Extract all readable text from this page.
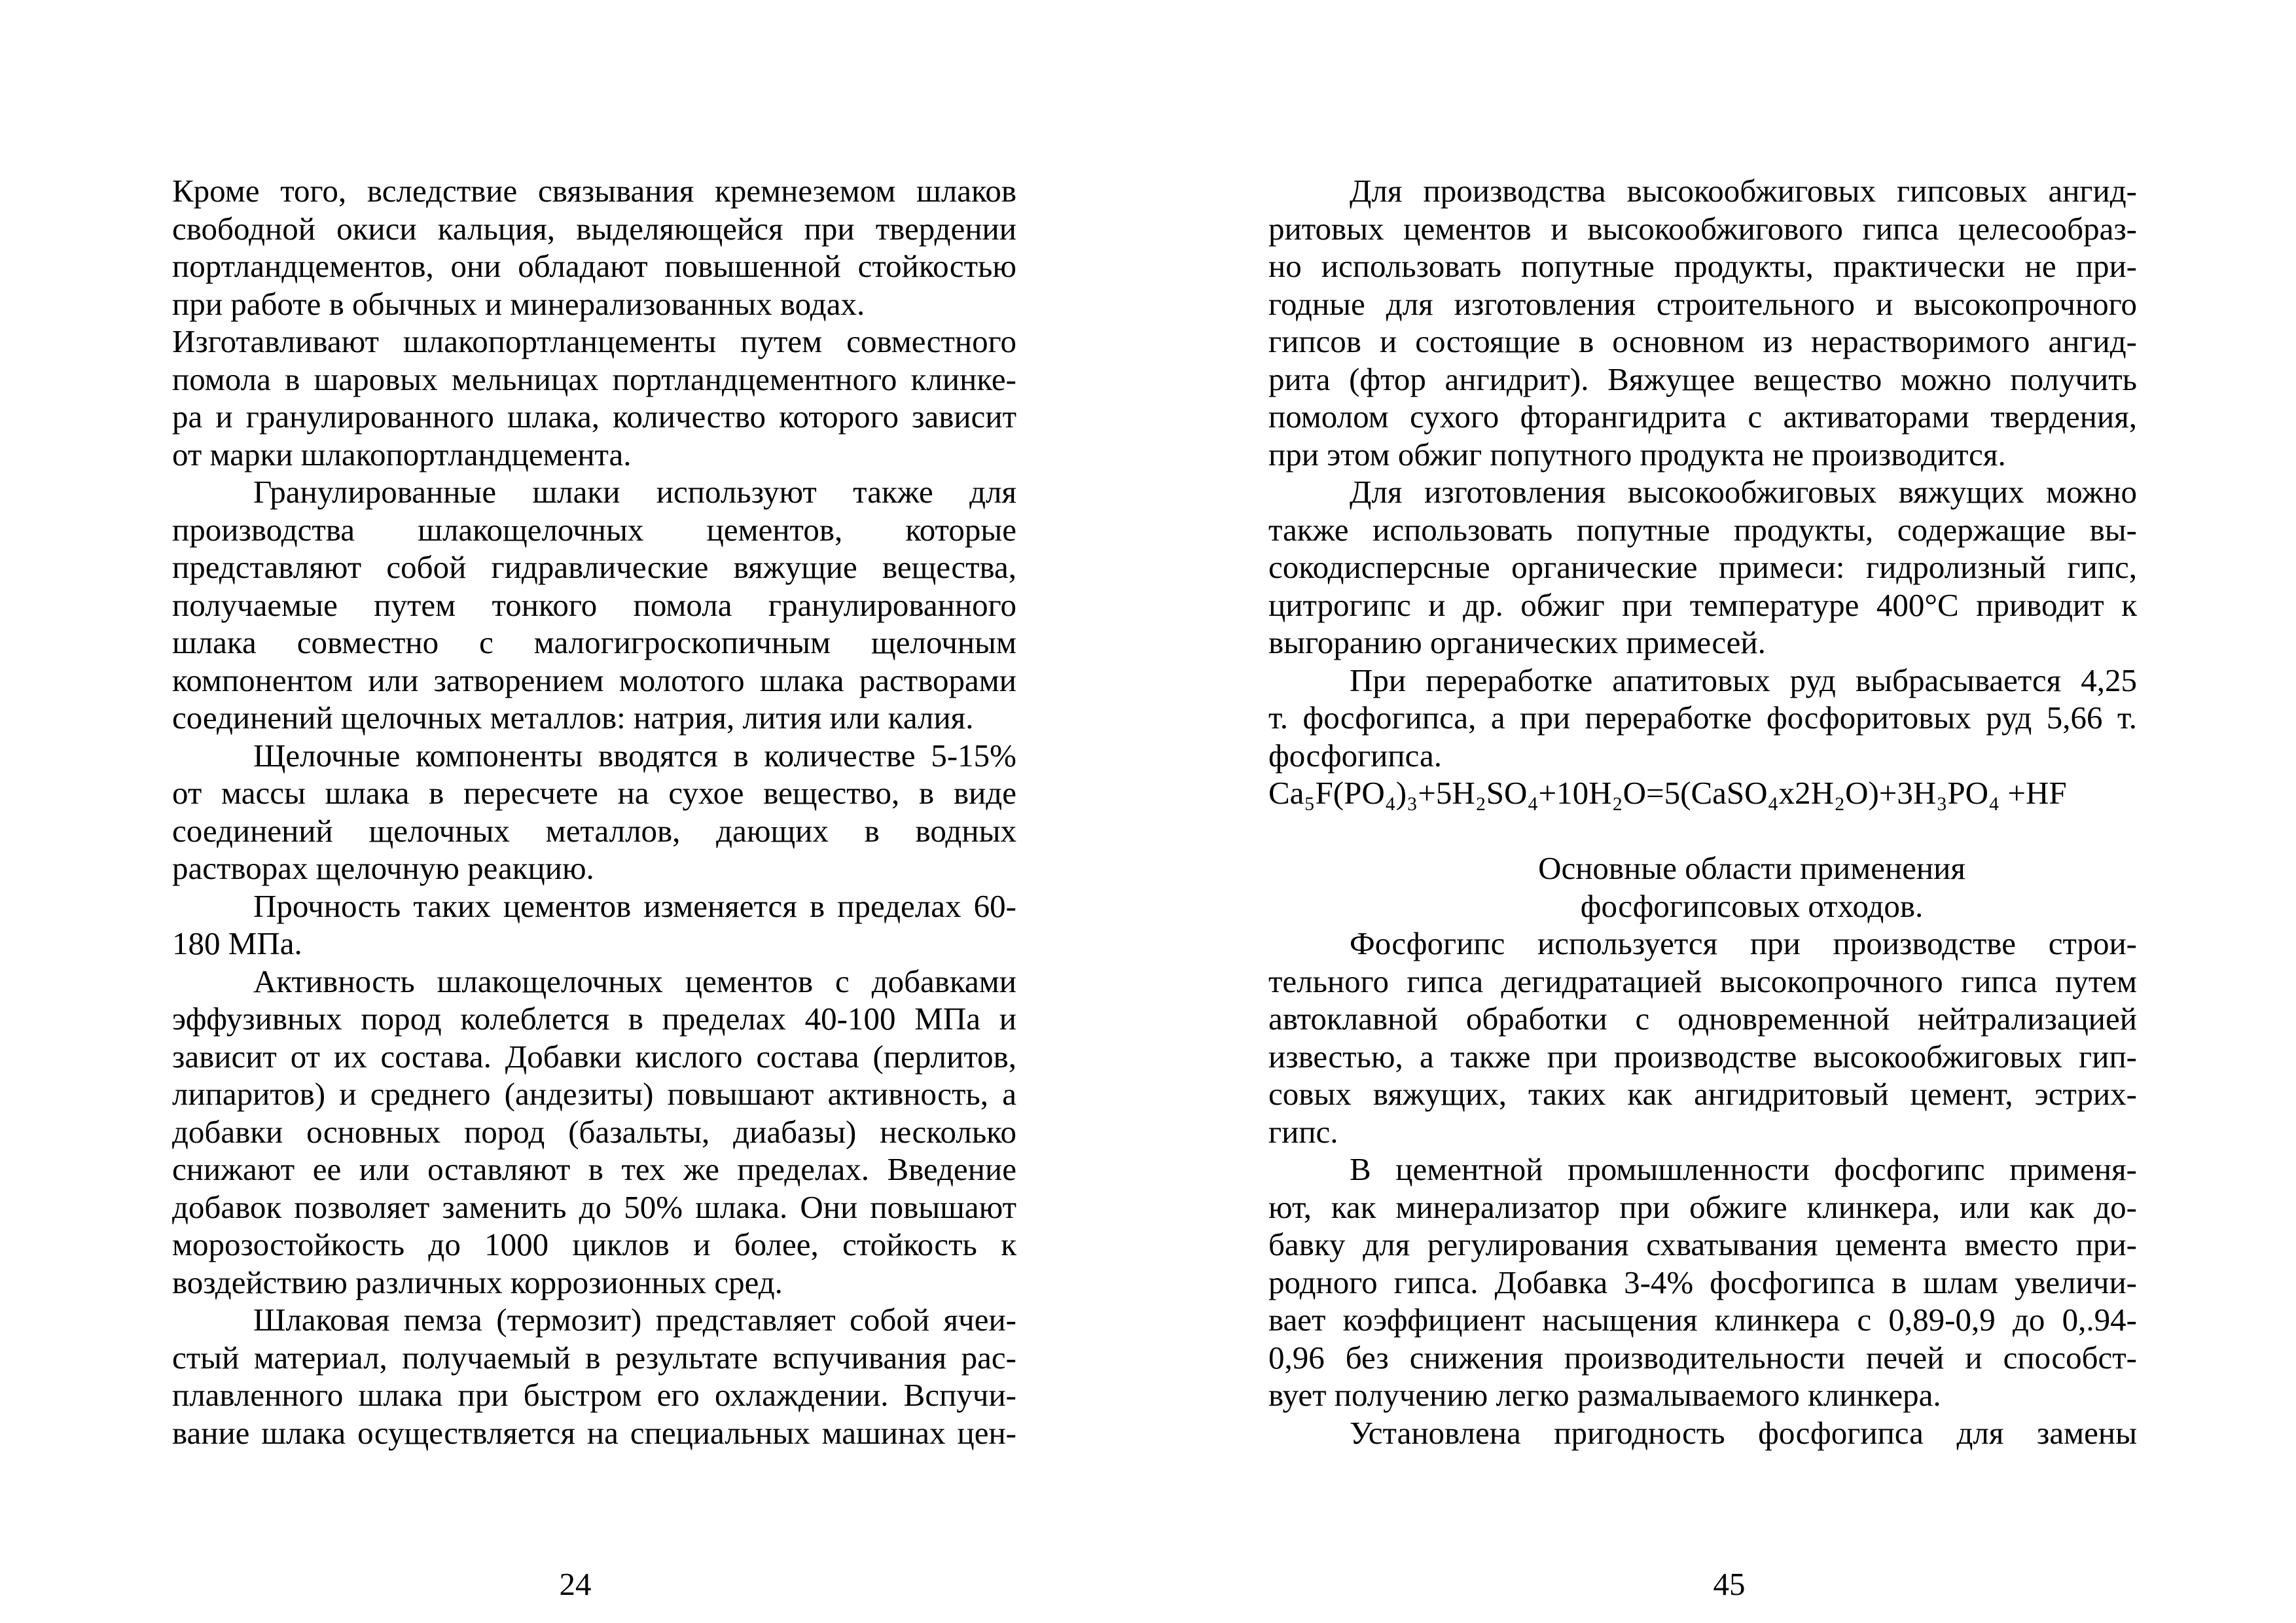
Кроме того, вследствие связывания кремнеземом шлаков
свободной окиси кальция, выделяющейся при твердении
портландцементов, они обладают повышенной стойкостью
при работе в обычных и минерализованных водах.
Изготавливают шлакопортланцементы путем совместного
помола в шаровых мельницах портландцементного клинке-
ра и гранулированного шлака, количество которого зависит
от марки шлакопортландцемента.
Гранулированные шлаки используют также для
производства шлакощелочных цементов, которые
представляют собой гидравлические вяжущие вещества,
получаемые путем тонкого помола гранулированного
шлака совместно с малогигроскопичным щелочным
компонентом или затворением молотого шлака растворами
соединений щелочных металлов: натрия, лития или калия.
Щелочные компоненты вводятся в количестве 5-15%
от массы шлака в пересчете на сухое вещество, в виде
соединений щелочных металлов, дающих в водных
растворах щелочную реакцию.
Прочность таких цементов изменяется в пределах 60-
180 МПа.
Активность шлакощелочных цементов с добавками
эффузивных пород колеблется в пределах 40-100 МПа и
зависит от их состава. Добавки кислого состава (перлитов,
липаритов) и среднего (андезиты) повышают активность, а
добавки основных пород (базальты, диабазы) несколько
снижают ее или оставляют в тех же пределах. Введение
добавок позволяет заменить до 50% шлака. Они повышают
морозостойкость до 1000 циклов и более, стойкость к
воздействию различных коррозионных сред.
Шлаковая пемза (термозит) представляет собой ячеи-
стый материал, получаемый в результате вспучивания рас-
плавленного шлака при быстром его охлаждении. Вспучи-
вание шлака осуществляется на специальных машинах цен-
24
Для производства высокообжиговых гипсовых ангид-
ритовых цементов и высокообжигового гипса целесообраз-
но использовать попутные продукты, практически не при-
годные для изготовления строительного и высокопрочного
гипсов и состоящие в основном из нерастворимого ангид-
рита (фтор ангидрит). Вяжущее вещество можно получить
помолом сухого фторангидрита с активаторами твердения,
при этом обжиг попутного продукта не производится.
Для изготовления высокообжиговых вяжущих можно
также использовать попутные продукты, содержащие вы-
сокодисперсные органические примеси: гидролизный гипс,
цитрогипс и др. обжиг при температуре 400°С приводит к
выгоранию органических примесей.
При переработке апатитовых руд выбрасывается 4,25
т. фосфогипса, а при переработке фосфоритовых руд 5,66 т.
фосфогипса.
Ca₅F(PO₄)₃+5H₂SO₄+10H₂O=5(CaSO₄x2H₂O)+3H₃PO₄ +HF
Основные области применения
фосфогипсовых отходов.
Фосфогипс используется при производстве строи-
тельного гипса дегидратацией высокопрочного гипса путем
автоклавной обработки с одновременной нейтрализацией
известью, а также при производстве высокообжиговых гип-
совых вяжущих, таких как ангидритовый цемент, эстрих-
гипс.
В цементной промышленности фосфогипс применя-
ют, как минерализатор при обжиге клинкера, или как до-
бавку для регулирования схватывания цемента вместо при-
родного гипса. Добавка 3-4% фосфогипса в шлам увеличи-
вает коэффициент насыщения клинкера с 0,89-0,9 до 0,.94-
0,96 без снижения производительности печей и способст-
вует получению легко размалываемого клинкера.
Установлена пригодность фосфогипса для замены
45
